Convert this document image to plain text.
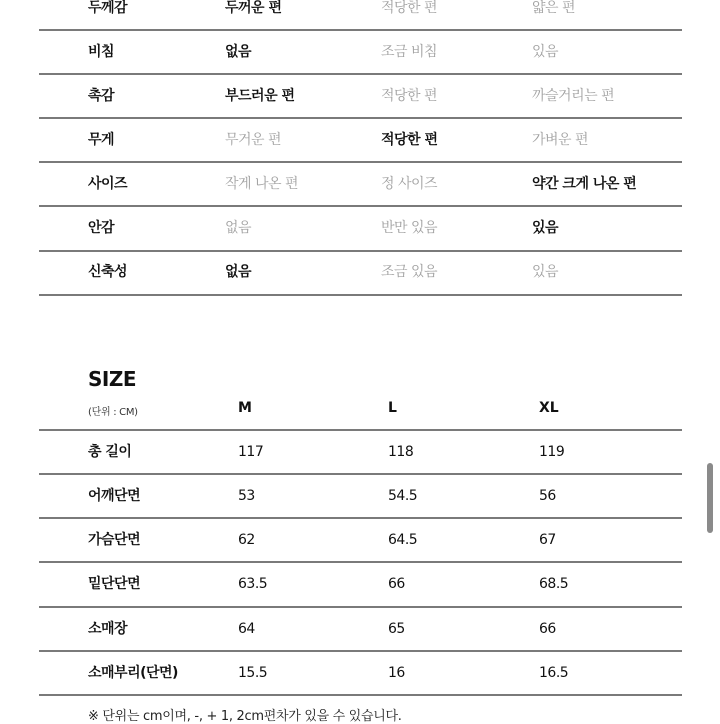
두께감	두꺼운 편	적당한 편	얇은 편
비침	없음	조금 비침	있음
촉감	부드러운 편	적당한 편	까슬거리는 편
무게	무거운 편	적당한 편	가벼운 편
사이즈	작게 나온 편	정 사이즈	약간 크게 나온 편
안감	없음	반만 있음	있음
신축성	없음	조금 있음	있음
SIZE
(단위 : CM)	M	L	XL
총 길이	117	118	119
어깨단면	53	54.5	56
가슴단면	62	64.5	67
밑단단면	63.5	66	68.5
소매장	64	65	66
소매부리(단면)	15.5	16	16.5
※ 단위는 cm이며, -, + 1, 2cm편차가 있을 수 있습니다.
